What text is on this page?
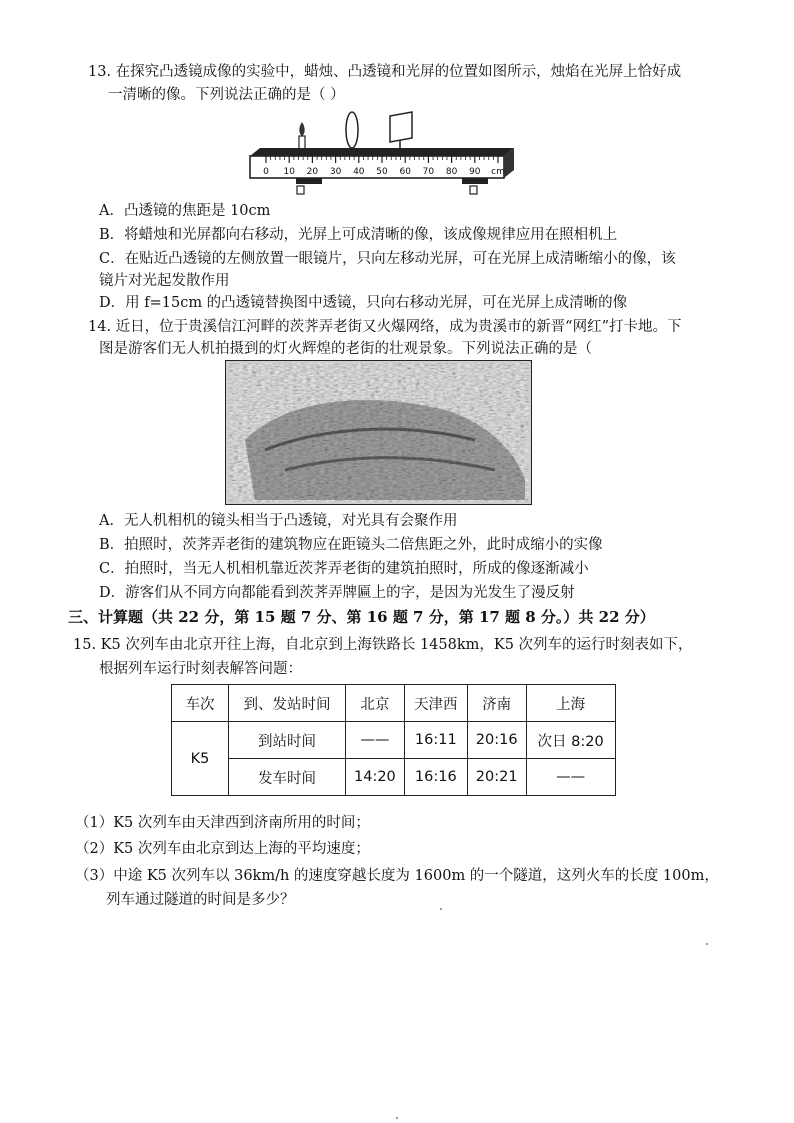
13. 在探究凸透镜成像的实验中，蜡烛、凸透镜和光屏的位置如图所示，烛焰在光屏上恰好成
一清晰的像。下列说法正确的是（ ）
0 10 20 30 40 50 60 70 80 90 cm
A．凸透镜的焦距是 10cm
B．将蜡烛和光屏都向右移动，光屏上可成清晰的像，该成像规律应用在照相机上
C．在贴近凸透镜的左侧放置一眼镜片，只向左移动光屏，可在光屏上成清晰缩小的像，该
镜片对光起发散作用
D．用 f=15cm 的凸透镜替换图中透镜，只向右移动光屏，可在光屏上成清晰的像
14. 近日，位于贵溪信江河畔的茨荠弄老街又火爆网络，成为贵溪市的新晋“网红”打卡地。下
图是游客们无人机拍摄到的灯火辉煌的老街的壮观景象。下列说法正确的是（
A．无人机相机的镜头相当于凸透镜，对光具有会聚作用
B．拍照时，茨荠弄老街的建筑物应在距镜头二倍焦距之外，此时成缩小的实像
C．拍照时，当无人机相机靠近茨荠弄老街的建筑拍照时，所成的像逐渐减小
D．游客们从不同方向都能看到茨荠弄牌匾上的字，是因为光发生了漫反射
三、计算题（共 22 分，第 15 题 7 分、第 16 题 7 分，第 17 题 8 分。）共 22 分）
15. K5 次列车由北京开往上海，自北京到上海铁路长 1458km，K5 次列车的运行时刻表如下，
根据列车运行时刻表解答问题：
车次	到、发站时间	北京	天津西	济南	上海
K5	到站时间	——	16:11	20:16	次日 8:20
	发车时间	14:20	16:16	20:21	——
（1）K5 次列车由天津西到济南所用的时间；
（2）K5 次列车由北京到达上海的平均速度；
（3）中途 K5 次列车以 36km/h 的速度穿越长度为 1600m 的一个隧道，这列火车的长度 100m，
列车通过隧道的时间是多少？
